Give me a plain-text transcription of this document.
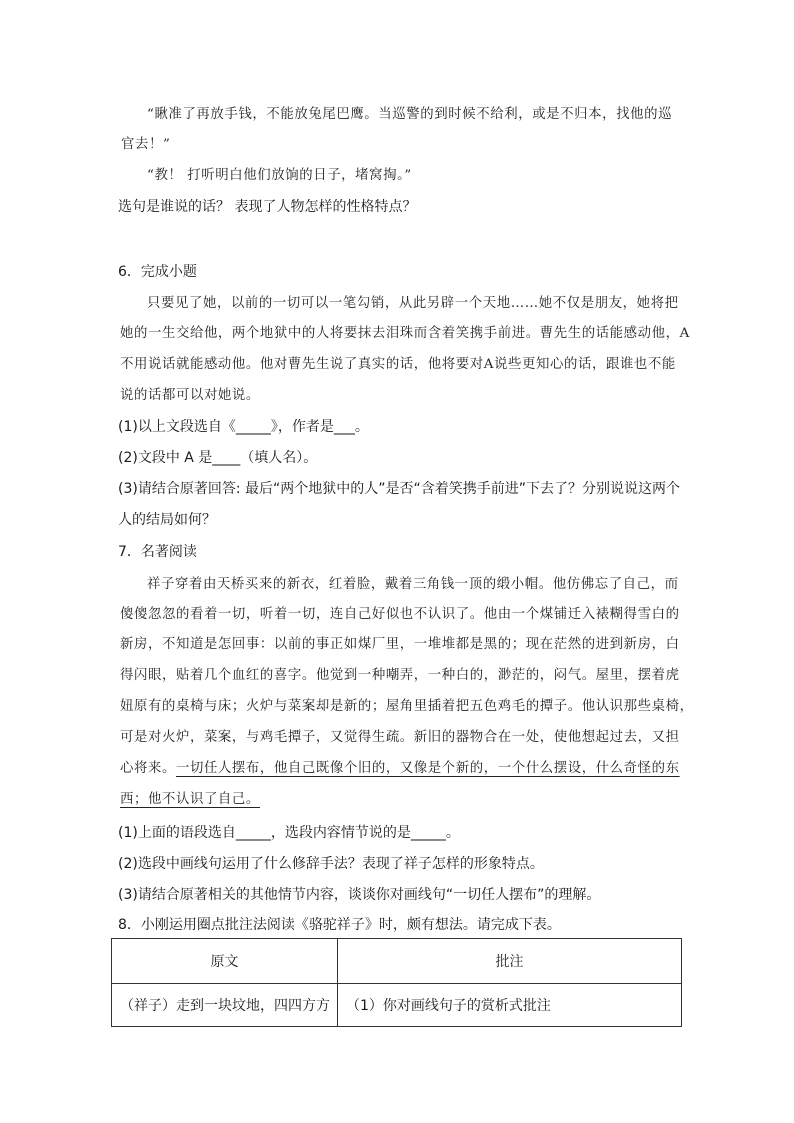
“瞅准了再放手钱，不能放兔尾巴鹰。当巡警的到时候不给利，或是不归本，找他的巡
官去！”
“教！ 打听明白他们放饷的日子，堵窝掏。”
选句是谁说的话？ 表现了人物怎样的性格特点？
6．完成小题
只要见了她，以前的一切可以一笔勾销，从此另辟一个天地……她不仅是朋友，她将把
她的一生交给他，两个地狱中的人将要抹去泪珠而含着笑携手前进。曹先生的话能感动他，A
不用说话就能感动他。他对曹先生说了真实的话，他将要对A说些更知心的话，跟谁也不能
说的话都可以对她说。
(1)以上文段选自《_____》，作者是___。
(2)文段中 A 是____（填人名）。
(3)请结合原著回答: 最后“两个地狱中的人”是否“含着笑携手前进”下去了？分别说说这两个
人的结局如何？
7．名著阅读
祥子穿着由天桥买来的新衣，红着脸，戴着三角钱一顶的缎小帽。他仿佛忘了自己，而
傻傻忽忽的看着一切，听着一切，连自己好似也不认识了。他由一个煤铺迁入裱糊得雪白的
新房，不知道是怎回事：以前的事正如煤厂里，一堆堆都是黑的；现在茫然的进到新房，白
得闪眼，贴着几个血红的喜字。他觉到一种嘲弄，一种白的，渺茫的，闷气。屋里，摆着虎
妞原有的桌椅与床；火炉与菜案却是新的；屋角里插着把五色鸡毛的撢子。他认识那些桌椅，
可是对火炉，菜案，与鸡毛撢子，又觉得生疏。新旧的器物合在一处，使他想起过去，又担
心将来。一切任人摆布，他自己既像个旧的，又像是个新的，一个什么摆设，什么奇怪的东
西；他不认识了自己。
(1)上面的语段选自_____，选段内容情节说的是_____。
(2)选段中画线句运用了什么修辞手法？表现了祥子怎样的形象特点。
(3)请结合原著相关的其他情节内容，谈谈你对画线句“一切任人摆布”的理解。
8．小刚运用圈点批注法阅读《骆驼祥子》时，颇有想法。请完成下表。
原文	批注
（祥子）走到一块坟地，四四方方	（1）你对画线句子的赏析式批注
